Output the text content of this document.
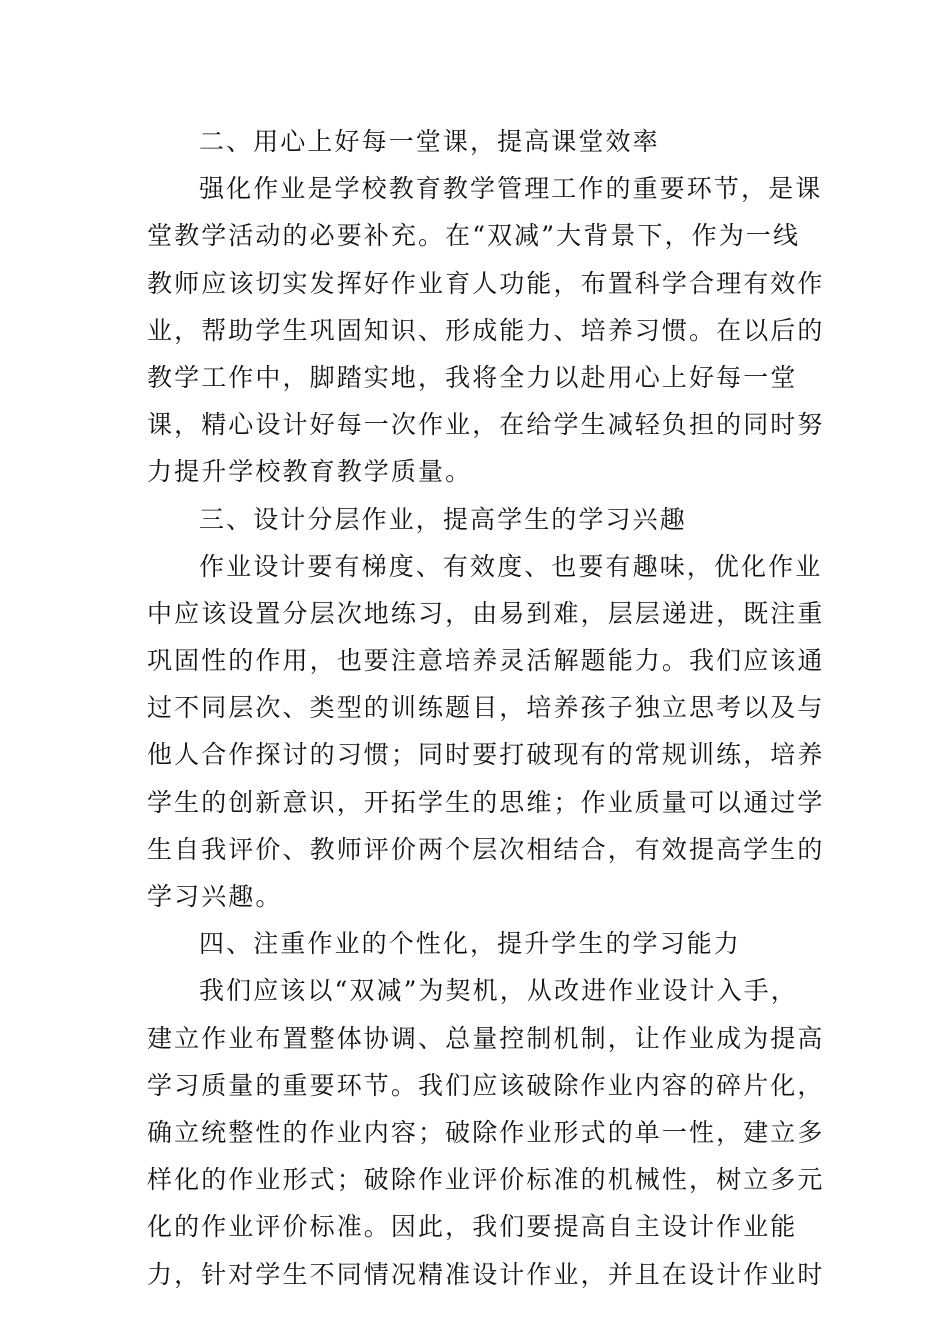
二、用心上好每一堂课，提高课堂效率
强化作业是学校教育教学管理工作的重要环节，是课
堂教学活动的必要补充。在“双减”大背景下，作为一线
教师应该切实发挥好作业育人功能，布置科学合理有效作
业，帮助学生巩固知识、形成能力、培养习惯。在以后的
教学工作中，脚踏实地，我将全力以赴用心上好每一堂
课，精心设计好每一次作业，在给学生减轻负担的同时努
力提升学校教育教学质量。
三、设计分层作业，提高学生的学习兴趣
作业设计要有梯度、有效度、也要有趣味，优化作业
中应该设置分层次地练习，由易到难，层层递进，既注重
巩固性的作用，也要注意培养灵活解题能力。我们应该通
过不同层次、类型的训练题目，培养孩子独立思考以及与
他人合作探讨的习惯；同时要打破现有的常规训练，培养
学生的创新意识，开拓学生的思维；作业质量可以通过学
生自我评价、教师评价两个层次相结合，有效提高学生的
学习兴趣。
四、注重作业的个性化，提升学生的学习能力
我们应该以“双减”为契机，从改进作业设计入手，
建立作业布置整体协调、总量控制机制，让作业成为提高
学习质量的重要环节。我们应该破除作业内容的碎片化，
确立统整性的作业内容；破除作业形式的单一性，建立多
样化的作业形式；破除作业评价标准的机械性，树立多元
化的作业评价标准。因此，我们要提高自主设计作业能
力，针对学生不同情况精准设计作业，并且在设计作业时
